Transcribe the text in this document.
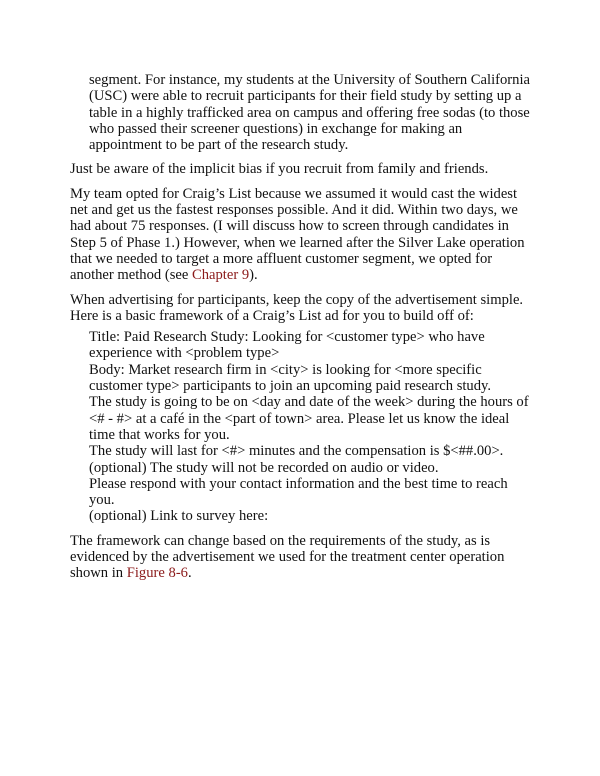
segment. For instance, my students at the University of Southern California (USC) were able to recruit participants for their field study by setting up a table in a highly trafficked area on campus and offering free sodas (to those who passed their screener questions) in exchange for making an appointment to be part of the research study.

Just be aware of the implicit bias if you recruit from family and friends.

My team opted for Craig’s List because we assumed it would cast the widest net and get us the fastest responses possible. And it did. Within two days, we had about 75 responses. (I will discuss how to screen through candidates in Step 5 of Phase 1.) However, when we learned after the Silver Lake operation that we needed to target a more affluent customer segment, we opted for another method (see Chapter 9).

When advertising for participants, keep the copy of the advertisement simple. Here is a basic framework of a Craig’s List ad for you to build off of:

Title: Paid Research Study: Looking for <customer type> who have experience with <problem type>

Body: Market research firm in <city> is looking for <more specific customer type> participants to join an upcoming paid research study.

The study is going to be on <day and date of the week> during the hours of <# - #> at a café in the <part of town> area. Please let us know the ideal time that works for you.

The study will last for <#> minutes and the compensation is $<##.00>.

(optional) The study will not be recorded on audio or video.

Please respond with your contact information and the best time to reach you.

(optional) Link to survey here:

The framework can change based on the requirements of the study, as is evidenced by the advertisement we used for the treatment center operation shown in Figure 8-6.
